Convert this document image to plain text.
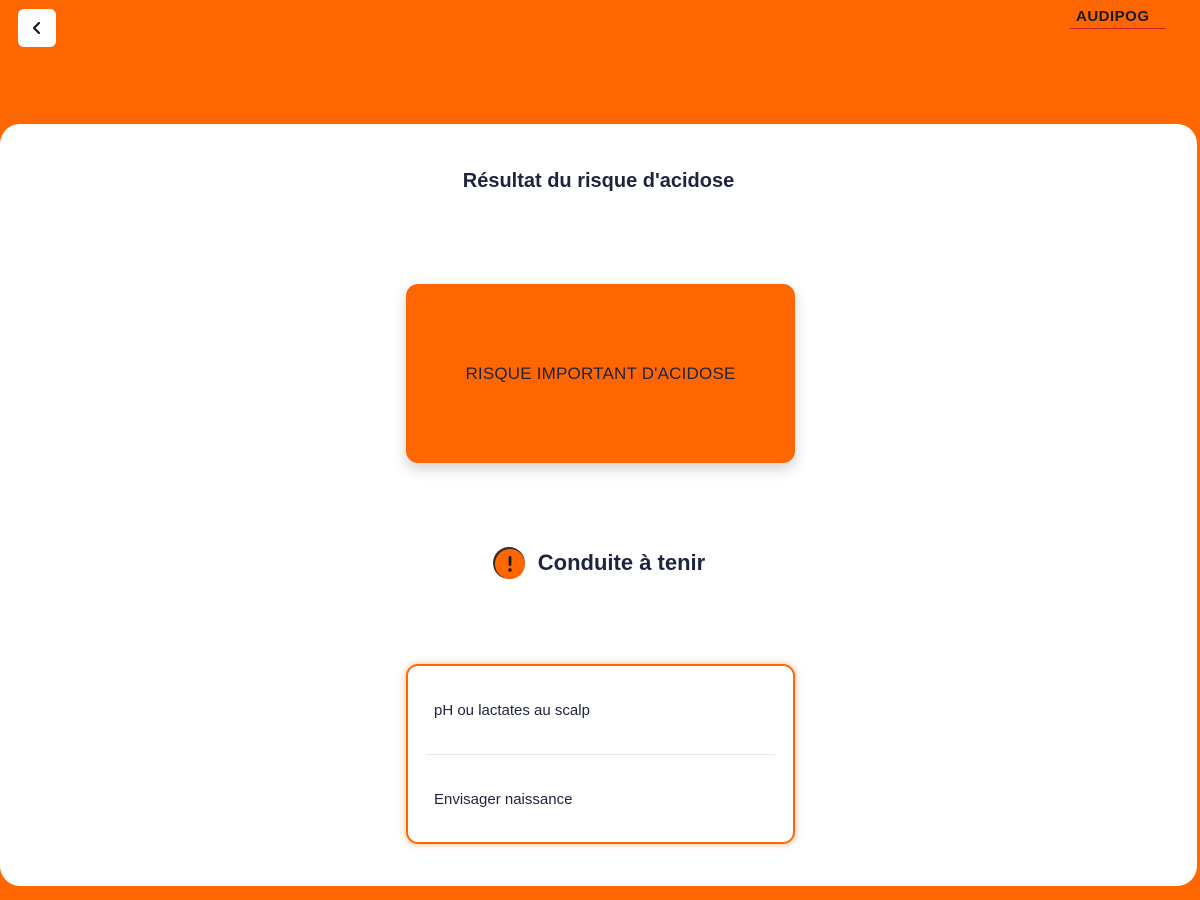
AUDIPOG
Résultat du risque d'acidose
RISQUE IMPORTANT D'ACIDOSE
Conduite à tenir
pH ou lactates au scalp
Envisager naissance
